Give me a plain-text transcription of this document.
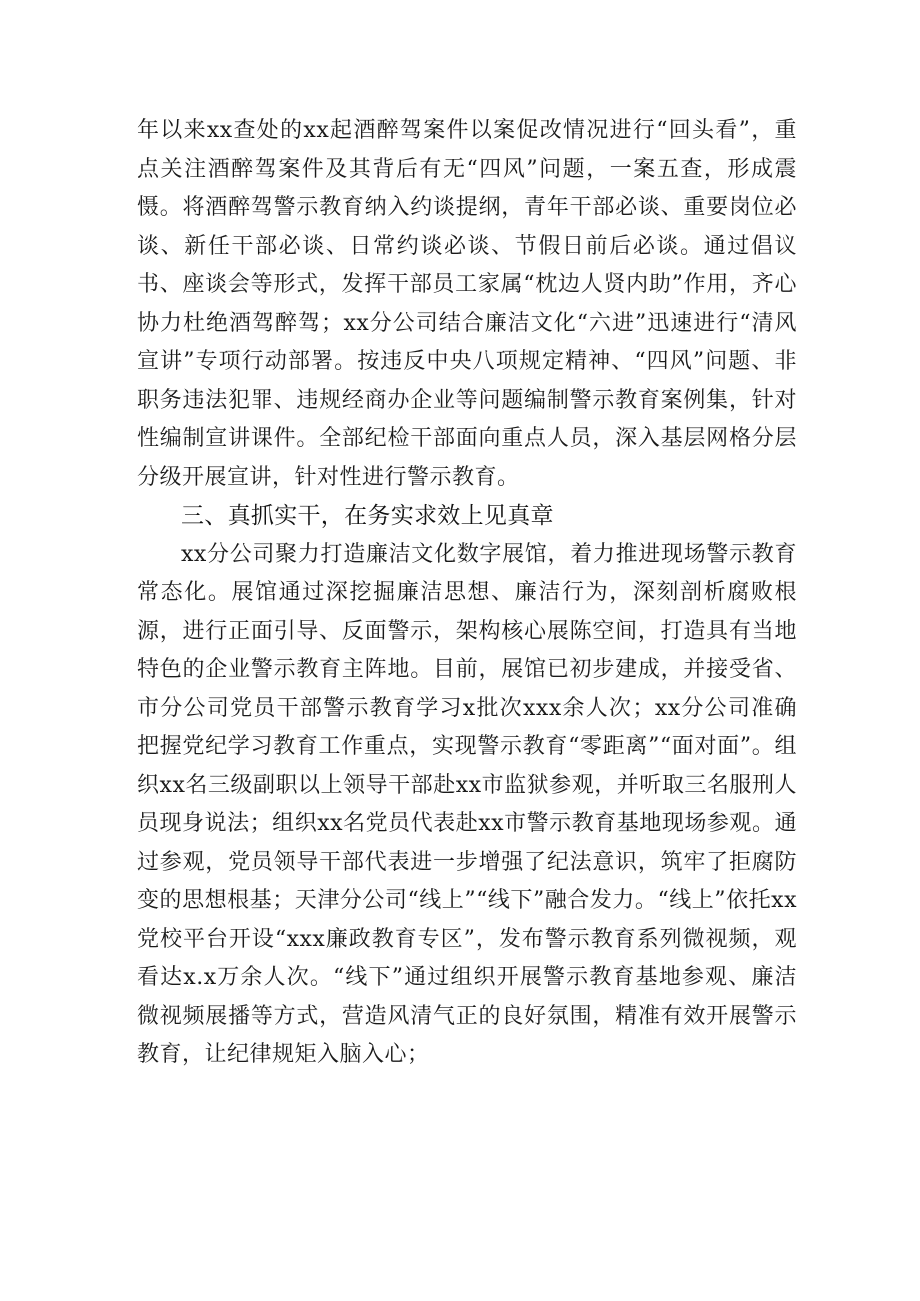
年以来xx查处的xx起酒醉驾案件以案促改情况进行“回头看”，重点关注酒醉驾案件及其背后有无“四风”问题，一案五查，形成震慑。将酒醉驾警示教育纳入约谈提纲，青年干部必谈、重要岗位必谈、新任干部必谈、日常约谈必谈、节假日前后必谈。通过倡议书、座谈会等形式，发挥干部员工家属“枕边人贤内助”作用，齐心协力杜绝酒驾醉驾；xx分公司结合廉洁文化“六进”迅速进行“清风宣讲”专项行动部署。按违反中央八项规定精神、“四风”问题、非职务违法犯罪、违规经商办企业等问题编制警示教育案例集，针对性编制宣讲课件。全部纪检干部面向重点人员，深入基层网格分层分级开展宣讲，针对性进行警示教育。

三、真抓实干，在务实求效上见真章

xx分公司聚力打造廉洁文化数字展馆，着力推进现场警示教育常态化。展馆通过深挖掘廉洁思想、廉洁行为，深刻剖析腐败根源，进行正面引导、反面警示，架构核心展陈空间，打造具有当地特色的企业警示教育主阵地。目前，展馆已初步建成，并接受省、市分公司党员干部警示教育学习x批次xxx余人次；xx分公司准确把握党纪学习教育工作重点，实现警示教育“零距离”“面对面”。组织xx名三级副职以上领导干部赴xx市监狱参观，并听取三名服刑人员现身说法；组织xx名党员代表赴xx市警示教育基地现场参观。通过参观，党员领导干部代表进一步增强了纪法意识，筑牢了拒腐防变的思想根基；天津分公司“线上”“线下”融合发力。“线上”依托xx党校平台开设“xxx廉政教育专区”，发布警示教育系列微视频，观看达x.x万余人次。“线下”通过组织开展警示教育基地参观、廉洁微视频展播等方式，营造风清气正的良好氛围，精准有效开展警示教育，让纪律规矩入脑入心；
